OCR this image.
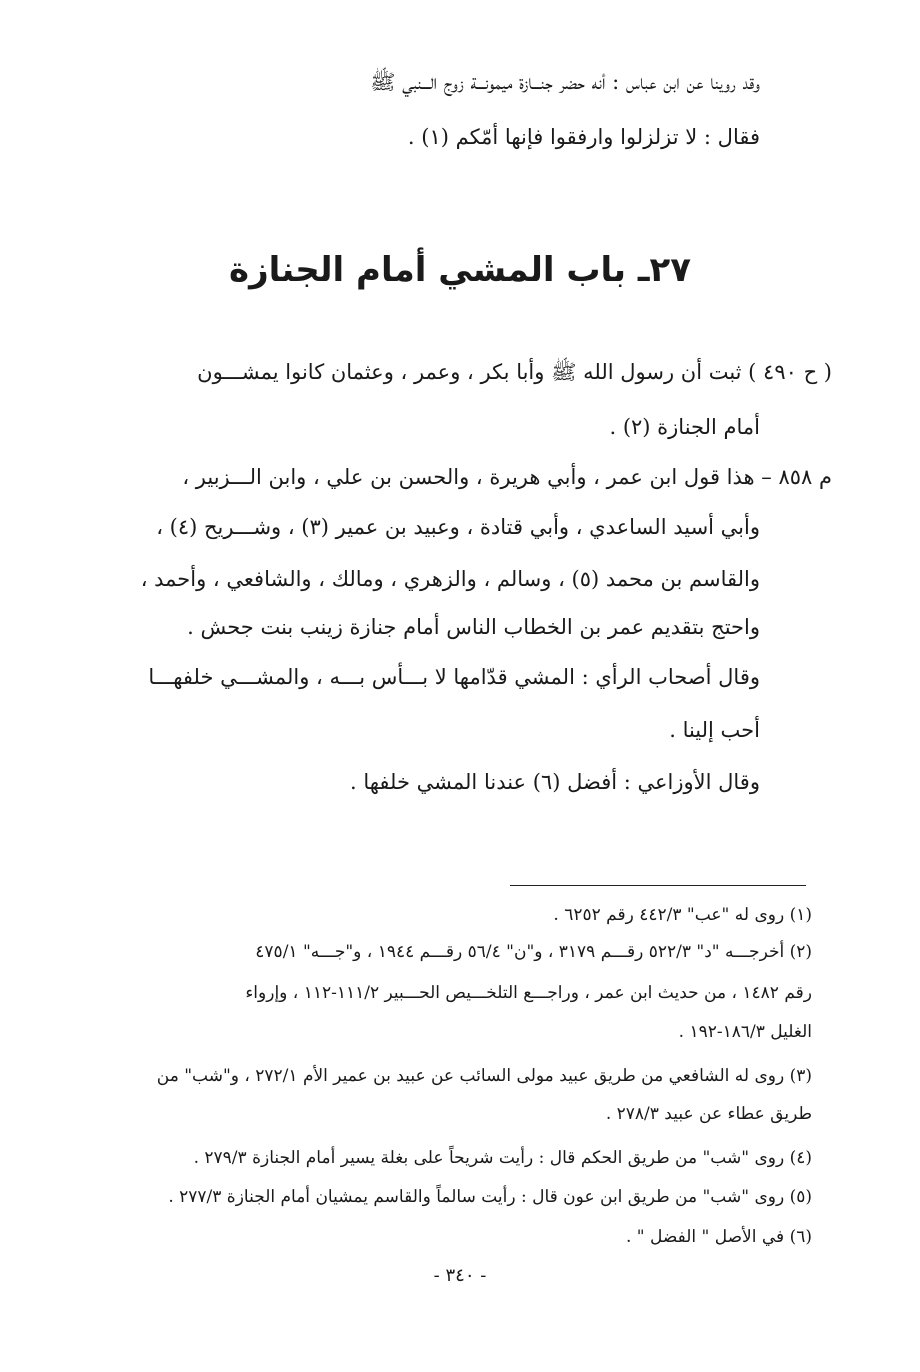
وقد روينا عن ابن عباس : أنه حضر جنـــازة ميمونـــة زوج الـــنبي ﷺ
فقال : لا تزلزلوا وارفقوا فإنها أمّكم (١) .
٢٧ـ باب المشي أمام الجنازة
( ح ٤٩٠ ) ثبت أن رسول الله ﷺ وأبا بكر ، وعمر ، وعثمان كانوا يمشـــون
أمام الجنازة (٢) .
م ٨٥٨ – هذا قول ابن عمر ، وأبي هريرة ، والحسن بن علي ، وابن الـــزبير ،
وأبي أسيد الساعدي ، وأبي قتادة ، وعبيد بن عمير (٣) ، وشـــريح (٤) ،
والقاسم بن محمد (٥) ، وسالم ، والزهري ، ومالك ، والشافعي ، وأحمد ،
واحتج بتقديم عمر بن الخطاب الناس أمام جنازة زينب بنت جحش .
وقال أصحاب الرأي : المشي قدّامها لا بـــأس بـــه ، والمشـــي خلفهـــا
أحب إلينا .
وقال الأوزاعي : أفضل (٦) عندنا المشي خلفها .
(١) روى له "عب" ٤٤٢/٣ رقم ٦٢٥٢ .
(٢) أخرجـــه "د" ٥٢٢/٣ رقـــم ٣١٧٩ ، و"ن" ٥٦/٤ رقـــم ١٩٤٤ ، و"جـــه" ٤٧٥/١
رقم ١٤٨٢ ، من حديث ابن عمر ، وراجـــع التلخـــيص الحـــبير ١١١/٢-١١٢ ، وإرواء
الغليل ١٨٦/٣-١٩٢ .
(٣) روى له الشافعي من طريق عبيد مولى السائب عن عبيد بن عمير الأم ٢٧٢/١ ، و"شب" من
طريق عطاء عن عبيد ٢٧٨/٣ .
(٤) روى "شب" من طريق الحكم قال : رأيت شريحاً على بغلة يسير أمام الجنازة ٢٧٩/٣ .
(٥) روى "شب" من طريق ابن عون قال : رأيت سالماً والقاسم يمشيان أمام الجنازة ٢٧٧/٣ .
(٦) في الأصل " الفضل " .
- ٣٤٠ -
